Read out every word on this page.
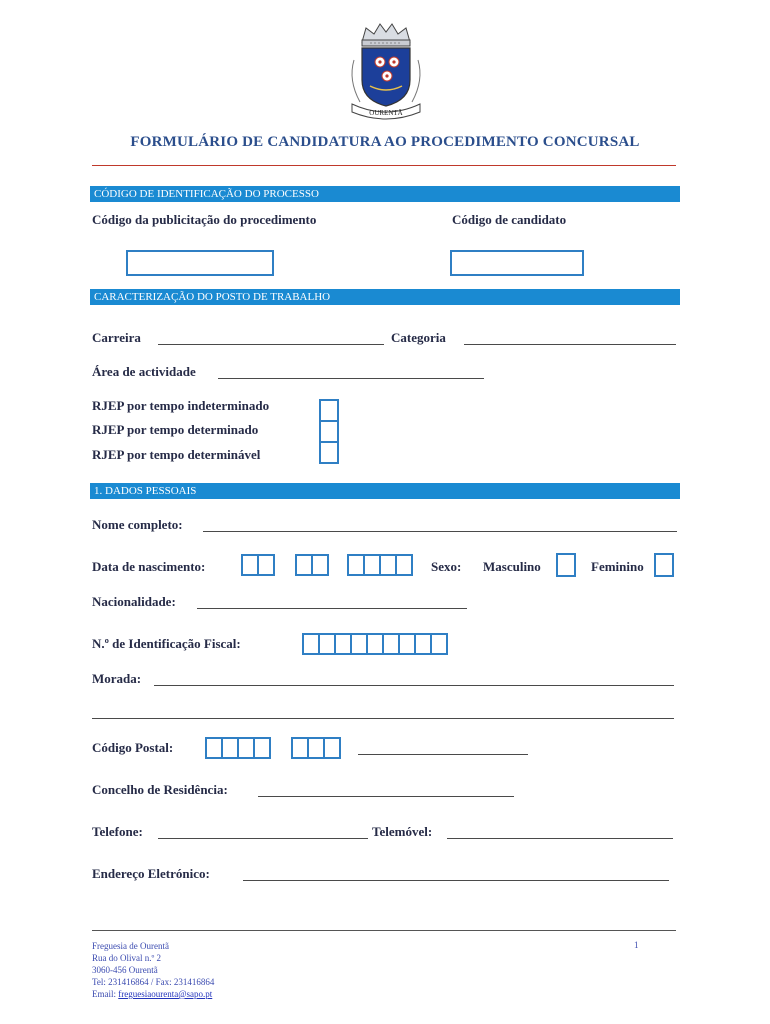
OURENTÃ
FORMULÁRIO DE CANDIDATURA AO PROCEDIMENTO CONCURSAL
CÓDIGO DE IDENTIFICAÇÃO DO PROCESSO
Código da publicitação do procedimento	Código de candidato
CARACTERIZAÇÃO DO POSTO DE TRABALHO
Carreira	Categoria
Área de actividade
RJEP por tempo indeterminado
RJEP por tempo determinado
RJEP por tempo determinável
1. DADOS PESSOAIS
Nome completo:
Data de nascimento:	Sexo: Masculino	Feminino
Nacionalidade:
N.º de Identificação Fiscal:
Morada:
Código Postal:
Concelho de Residência:
Telefone:	Telemóvel:
Endereço Eletrónico:
Freguesia de Ourentã
Rua do Olival n.º 2
3060-456 Ourentã
Tel: 231416864 / Fax: 231416864
Email: freguesiaourenta@sapo.pt
1
